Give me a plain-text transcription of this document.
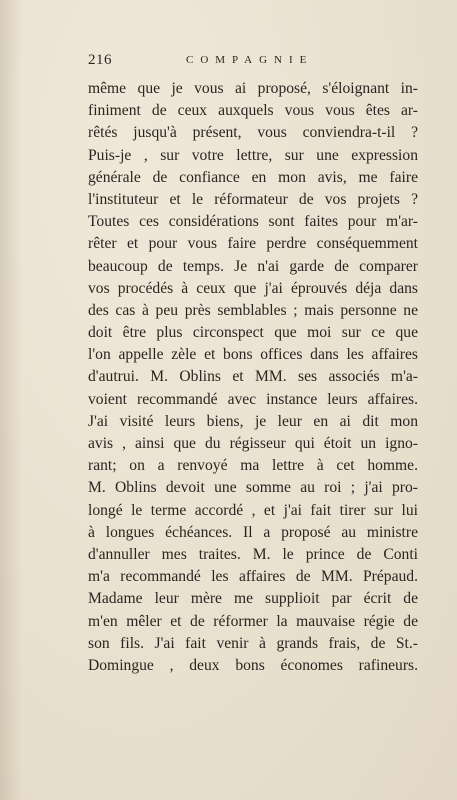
216	COMPAGNIE
même que je vous ai proposé, s'éloignant in-
finiment de ceux auxquels vous vous êtes ar-
rêtés jusqu'à présent, vous conviendra-t-il ?
Puis-je , sur votre lettre, sur une expression
générale de confiance en mon avis, me faire
l'instituteur et le réformateur de vos projets ?
Toutes ces considérations sont faites pour m'ar-
rêter et pour vous faire perdre conséquemment
beaucoup de temps. Je n'ai garde de comparer
vos procédés à ceux que j'ai éprouvés déja dans
des cas à peu près semblables ; mais personne ne
doit être plus circonspect que moi sur ce que
l'on appelle zèle et bons offices dans les affaires
d'autrui. M. Oblins et MM. ses associés m'a-
voient recommandé avec instance leurs affaires.
J'ai visité leurs biens, je leur en ai dit mon
avis , ainsi que du régisseur qui étoit un igno-
rant; on a renvoyé ma lettre à cet homme.
M. Oblins devoit une somme au roi ; j'ai pro-
longé le terme accordé , et j'ai fait tirer sur lui
à longues échéances. Il a proposé au ministre
d'annuller mes traites. M. le prince de Conti
m'a recommandé les affaires de MM. Prépaud.
Madame leur mère me supplioit par écrit de
m'en mêler et de réformer la mauvaise régie de
son fils. J'ai fait venir à grands frais, de St.-
Domingue , deux bons économes rafineurs.
